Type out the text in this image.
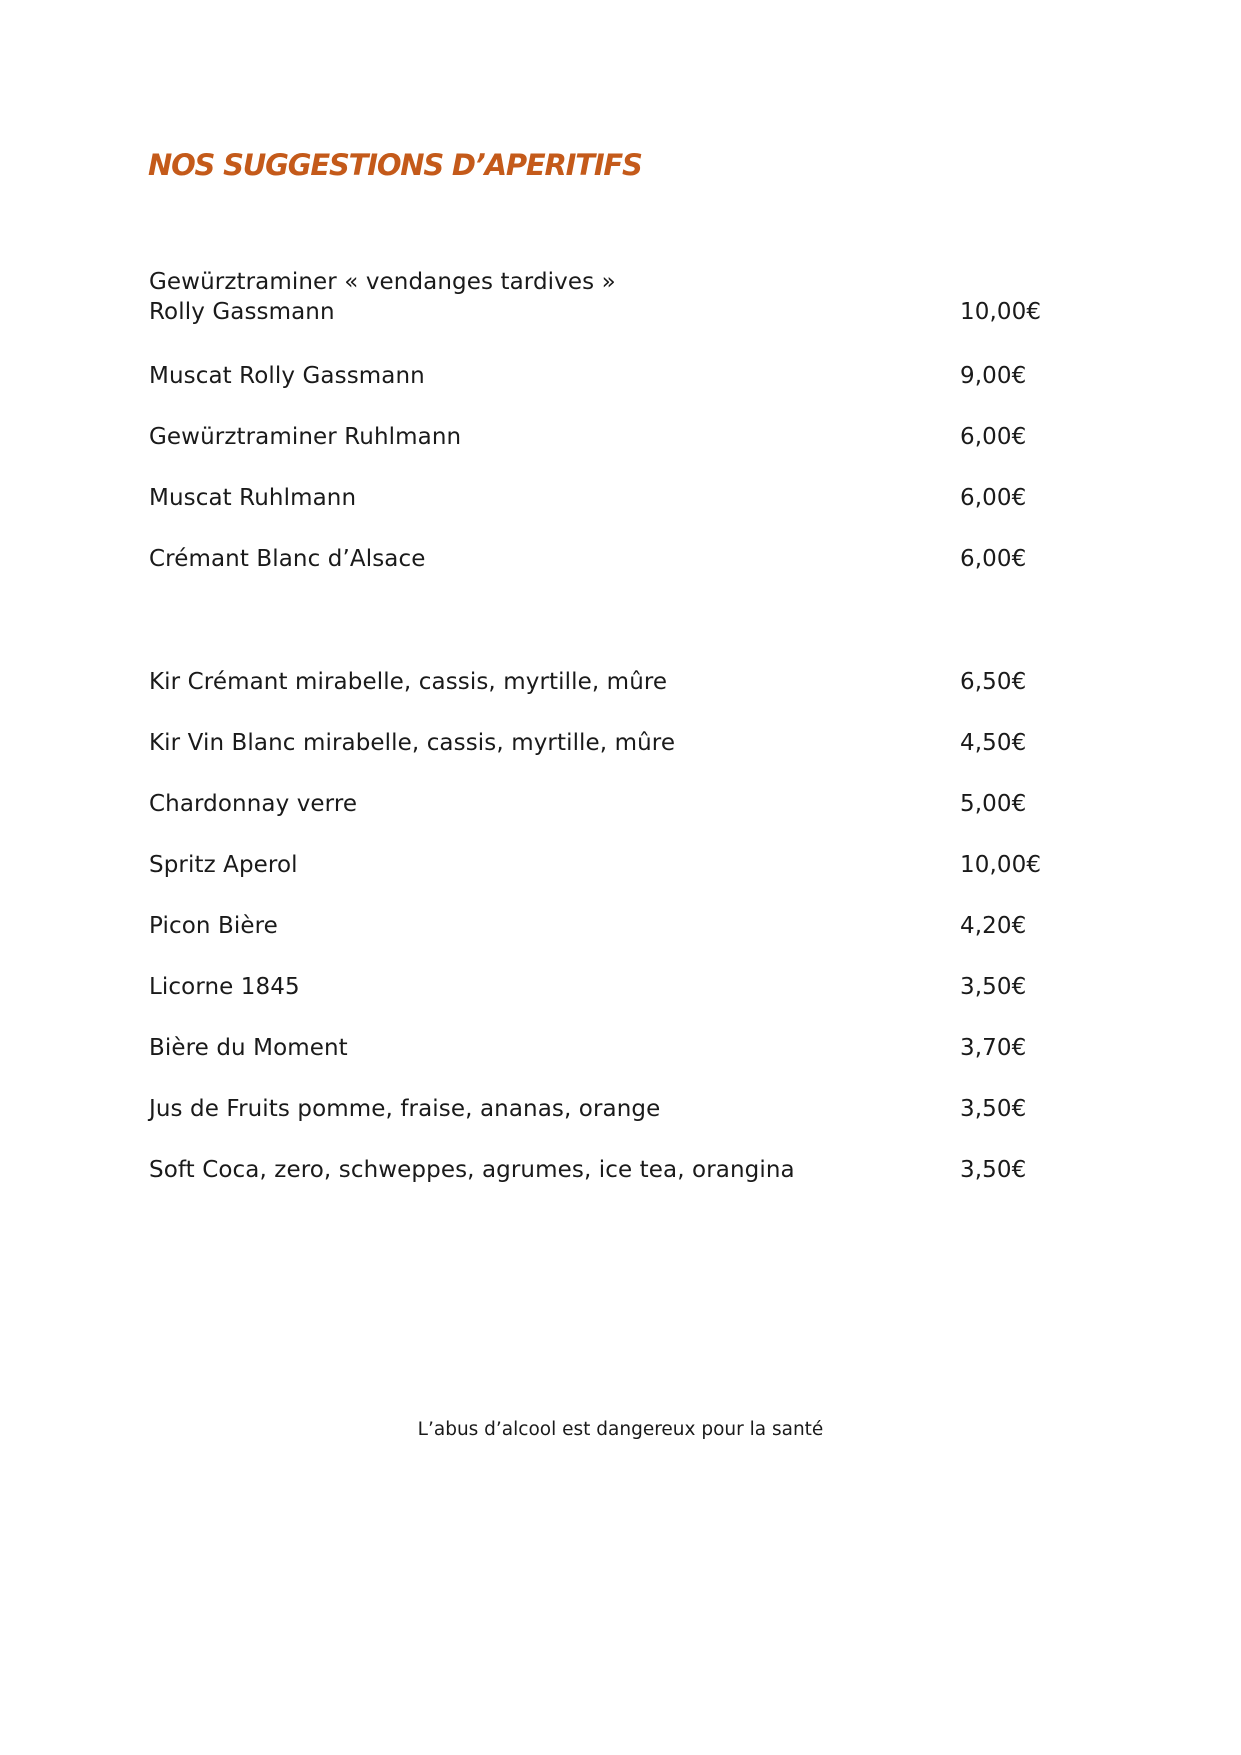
NOS SUGGESTIONS D’APERITIFS
Gewürztraminer « vendanges tardives »
Rolly Gassmann	10,00€
Muscat Rolly Gassmann	9,00€
Gewürztraminer Ruhlmann	6,00€
Muscat Ruhlmann	6,00€
Crémant Blanc d’Alsace	6,00€
Kir Crémant mirabelle, cassis, myrtille, mûre	6,50€
Kir Vin Blanc mirabelle, cassis, myrtille, mûre	4,50€
Chardonnay verre	5,00€
Spritz Aperol	10,00€
Picon Bière	4,20€
Licorne 1845	3,50€
Bière du Moment	3,70€
Jus de Fruits pomme, fraise, ananas, orange	3,50€
Soft Coca, zero, schweppes, agrumes, ice tea, orangina	3,50€
L’abus d’alcool est dangereux pour la santé
